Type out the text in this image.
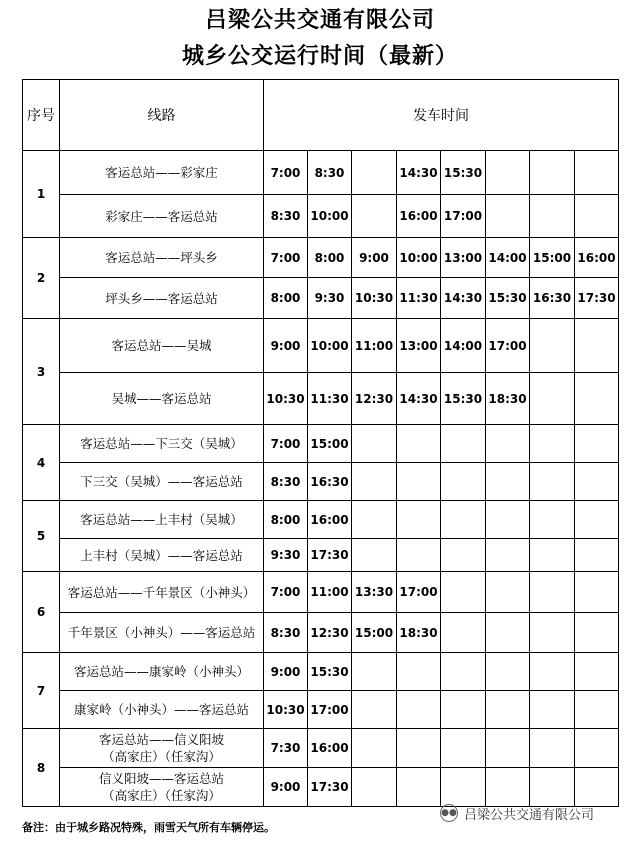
吕梁公共交通有限公司
城乡公交运行时间（最新）
序号	线路	发车时间							
1	客运总站——彩家庄	7:00	8:30		14:30	15:30			

	彩家庄——客运总站	8:30	10:00		16:00	17:00			
2	客运总站——坪头乡	7:00	8:00	9:00	10:00	13:00	14:00	15:00	16:00

	坪头乡——客运总站	8:00	9:30	10:30	11:30	14:30	15:30	16:30	17:30
3	客运总站——吴城	9:00	10:00	11:00	13:00	14:00	17:00		

	吴城——客运总站	10:30	11:30	12:30	14:30	15:30	18:30		
4	客运总站——下三交（吴城）	7:00	15:00						

	下三交（吴城）——客运总站	8:30	16:30						
5	客运总站——上丰村（吴城）	8:00	16:00						

	上丰村（吴城）——客运总站	9:30	17:30						
6	客运总站——千年景区（小神头）	7:00	11:00	13:30	17:00				

	千年景区（小神头）——客运总站	8:30	12:30	15:00	18:30				
7	客运总站——康家岭（小神头）	9:00	15:30						

	康家岭（小神头）——客运总站	10:30	17:00						
8	客运总站——信义阳坡
（高家庄）（任家沟）	7:30	16:00						

	信义阳坡——客运总站
（高家庄）（任家沟）	9:00	17:30						
备注：由于城乡路况特殊，雨雪天气所有车辆停运。
●● 吕梁公共交通有限公司
